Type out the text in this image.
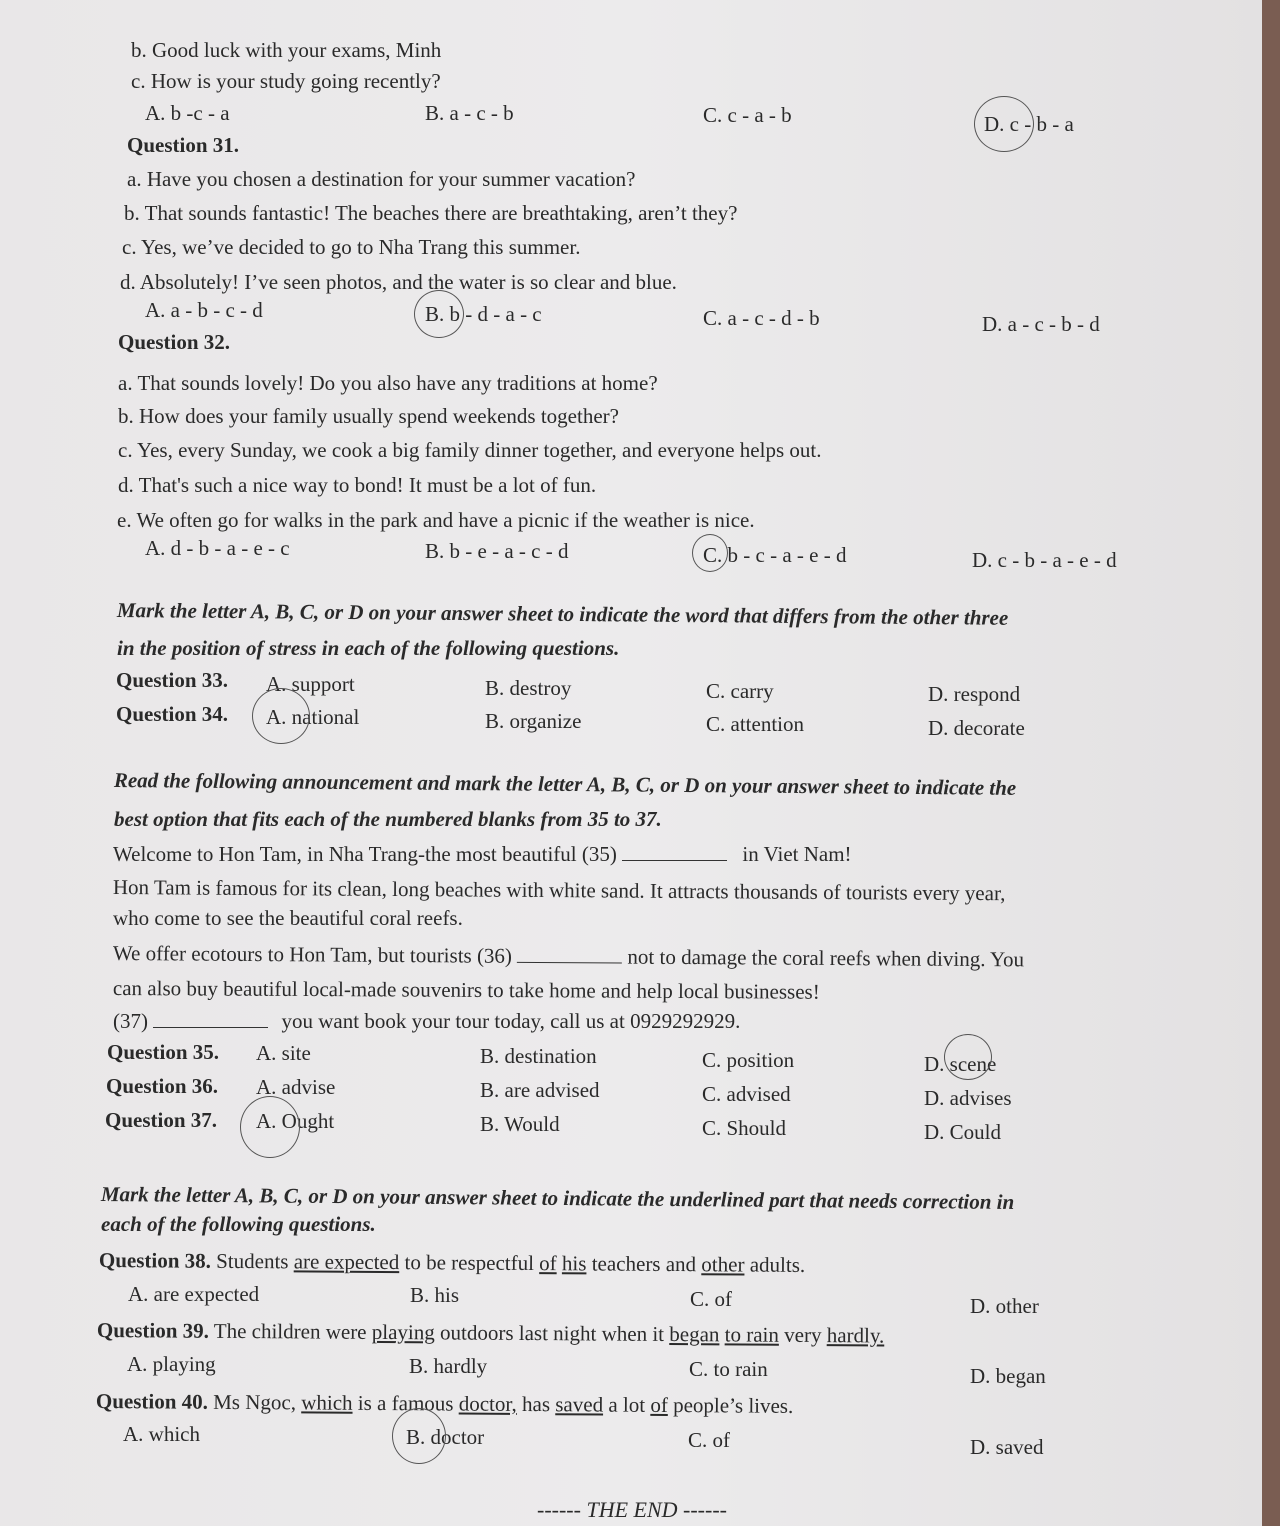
b. Good luck with your exams, Minh
c. How is your study going recently?
A. b -c - a	B. a - c - b	C. c - a - b	D. c - b - a
Question 31.
a. Have you chosen a destination for your summer vacation?
b. That sounds fantastic! The beaches there are breathtaking, aren’t they?
c. Yes, we’ve decided to go to Nha Trang this summer.
d. Absolutely! I’ve seen photos, and the water is so clear and blue.
A. a - b - c - d	B. b - d - a - c	C. a - c - d - b	D. a - c - b - d
Question 32.
a. That sounds lovely! Do you also have any traditions at home?
b. How does your family usually spend weekends together?
c. Yes, every Sunday, we cook a big family dinner together, and everyone helps out.
d. That's such a nice way to bond! It must be a lot of fun.
e. We often go for walks in the park and have a picnic if the weather is nice.
A. d - b - a - e - c	B. b - e - a - c - d	C. b - c - a - e - d	D. c - b - a - e - d
Mark the letter A, B, C, or D on your answer sheet to indicate the word that differs from the other three
in the position of stress in each of the following questions.
Question 33. A. support	B. destroy	C. carry	D. respond
Question 34. A. national	B. organize	C. attention	D. decorate
Read the following announcement and mark the letter A, B, C, or D on your answer sheet to indicate the
best option that fits each of the numbered blanks from 35 to 37.
Welcome to Hon Tam, in Nha Trang-the most beautiful (35)	in Viet Nam!
Hon Tam is famous for its clean, long beaches with white sand. It attracts thousands of tourists every year,
who come to see the beautiful coral reefs.
We offer ecotours to Hon Tam, but tourists (36)	not to damage the coral reefs when diving. You
can also buy beautiful local-made souvenirs to take home and help local businesses!
(37)	you want book your tour today, call us at 0929292929.
Question 35. A. site	B. destination	C. position	D. scene
Question 36. A. advise	B. are advised	C. advised	D. advises
Question 37. A. Ought	B. Would	C. Should	D. Could
Mark the letter A, B, C, or D on your answer sheet to indicate the underlined part that needs correction in
each of the following questions.
Question 38. Students are expected to be respectful of his teachers and other adults.
A. are expected	B. his	C. of	D. other
Question 39. The children were playing outdoors last night when it began to rain very hardly.
A. playing	B. hardly	C. to rain	D. began
Question 40. Ms Ngoc, which is a famous doctor, has saved a lot of people’s lives.
A. which	B. doctor	C. of	D. saved
------ THE END ------
